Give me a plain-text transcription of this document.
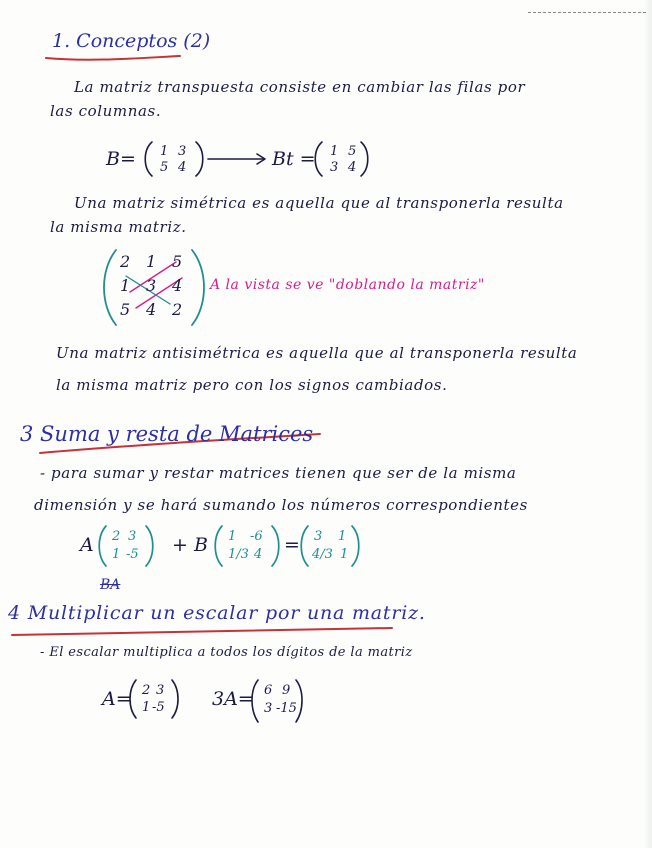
1. Conceptos (2)
La matriz transpuesta consiste en cambiar las filas por
las columnas.
B= 1 3
5 4	Bt = 1 5
3 4
Una matriz simétrica es aquella que al transponerla resulta
la misma matriz.
2 1 5
1 3 4
5 4 2
A la vista se ve "doblando la matriz"
Una matriz antisimétrica es aquella que al transponerla resulta
la misma matriz pero con los signos cambiados.
3 Suma y resta de Matrices
- para sumar y restar matrices tienen que ser de la misma
dimensión y se hará sumando los números correspondientes
A 2 3
1 -5 + B 1 -6
1/3 4 = 3 1
4/3 1
BA
4 Multiplicar un escalar por una matriz.
- El escalar multiplica a todos los dígitos de la matriz
A= 2 3
1 -5 3A= 6 9
3 -15
